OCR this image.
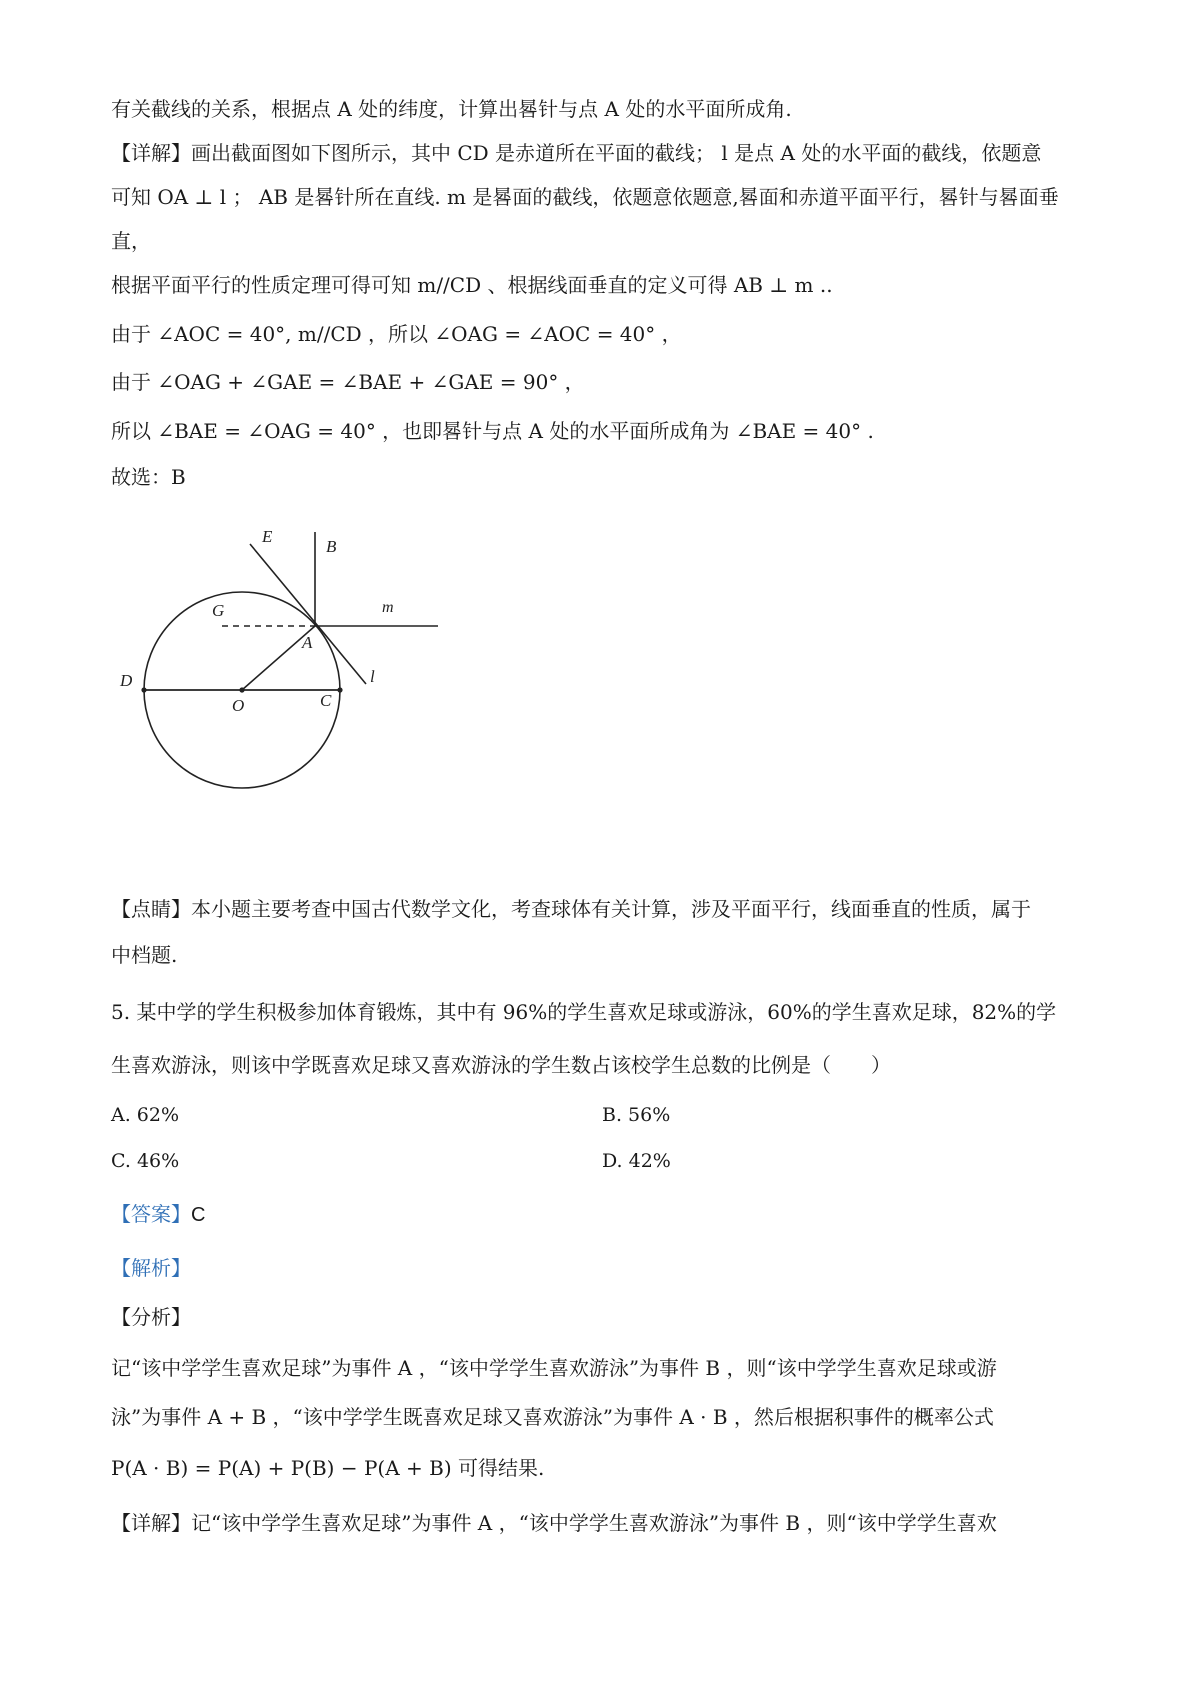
有关截线的关系，根据点 A 处的纬度，计算出晷针与点 A 处的水平面所成角.
【详解】画出截面图如下图所示，其中 CD 是赤道所在平面的截线； l 是点 A 处的水平面的截线，依题意
可知 OA ⊥ l ； AB 是晷针所在直线. m 是晷面的截线，依题意依题意,晷面和赤道平面平行，晷针与晷面垂
直，
根据平面平行的性质定理可得可知 m//CD 、根据线面垂直的定义可得 AB ⊥ m ..
由于 ∠AOC = 40°, m//CD ，所以 ∠OAG = ∠AOC = 40° ，
由于 ∠OAG + ∠GAE = ∠BAE + ∠GAE = 90° ，
所以 ∠BAE = ∠OAG = 40° ，也即晷针与点 A 处的水平面所成角为 ∠BAE = 40° .
故选：B
E
B
G	m
A
l
D
O	C
【点睛】本小题主要考查中国古代数学文化，考查球体有关计算，涉及平面平行，线面垂直的性质，属于
中档题.
5. 某中学的学生积极参加体育锻炼，其中有 96%的学生喜欢足球或游泳，60%的学生喜欢足球，82%的学
生喜欢游泳，则该中学既喜欢足球又喜欢游泳的学生数占该校学生总数的比例是（　　）
A. 62%	B. 56%
C. 46%	D. 42%
【答案】C
【解析】
【分析】
记“该中学学生喜欢足球”为事件 A ，“该中学学生喜欢游泳”为事件 B ，则“该中学学生喜欢足球或游
泳”为事件 A + B ，“该中学学生既喜欢足球又喜欢游泳”为事件 A · B ，然后根据积事件的概率公式
P(A · B) = P(A) + P(B) − P(A + B) 可得结果.
【详解】记“该中学学生喜欢足球”为事件 A ，“该中学学生喜欢游泳”为事件 B ，则“该中学学生喜欢
